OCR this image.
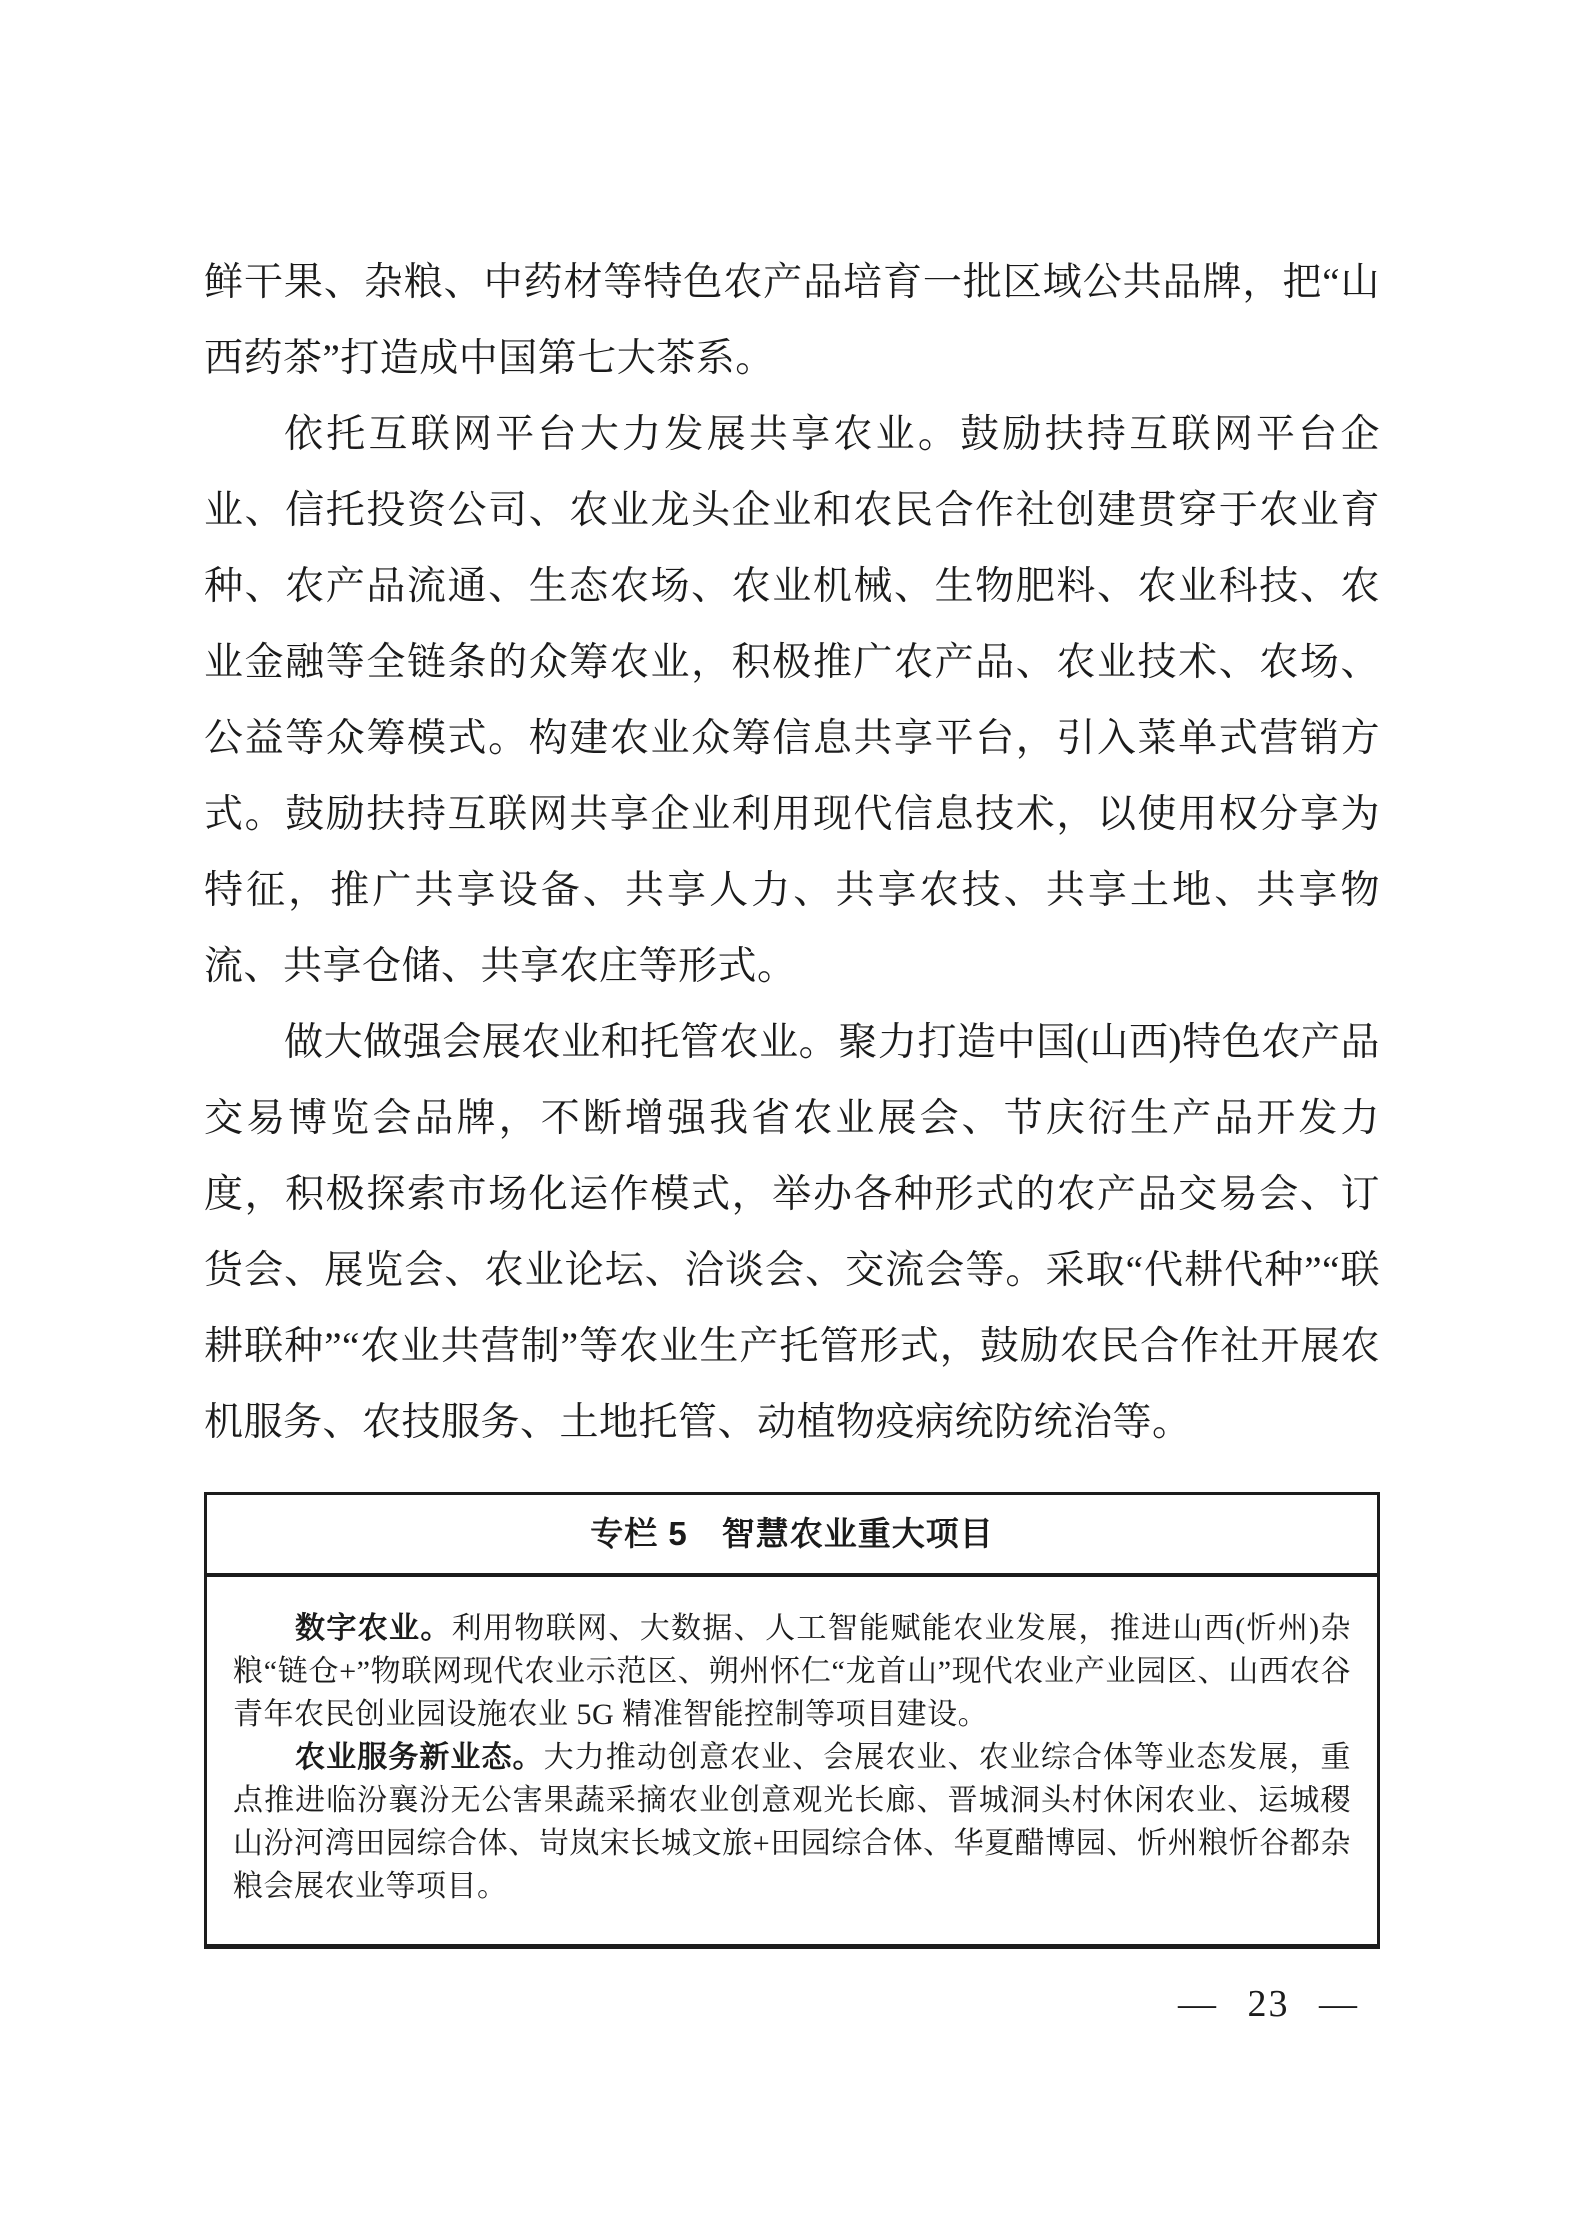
鲜干果、杂粮、中药材等特色农产品培育一批区域公共品牌，把“山西药茶”打造成中国第七大茶系。

依托互联网平台大力发展共享农业。鼓励扶持互联网平台企业、信托投资公司、农业龙头企业和农民合作社创建贯穿于农业育种、农产品流通、生态农场、农业机械、生物肥料、农业科技、农业金融等全链条的众筹农业，积极推广农产品、农业技术、农场、公益等众筹模式。构建农业众筹信息共享平台，引入菜单式营销方式。鼓励扶持互联网共享企业利用现代信息技术，以使用权分享为特征，推广共享设备、共享人力、共享农技、共享土地、共享物流、共享仓储、共享农庄等形式。

做大做强会展农业和托管农业。聚力打造中国(山西)特色农产品交易博览会品牌，不断增强我省农业展会、节庆衍生产品开发力度，积极探索市场化运作模式，举办各种形式的农产品交易会、订货会、展览会、农业论坛、洽谈会、交流会等。采取“代耕代种”“联耕联种”“农业共营制”等农业生产托管形式，鼓励农民合作社开展农机服务、农技服务、土地托管、动植物疫病统防统治等。

专栏 5　智慧农业重大项目

数字农业。利用物联网、大数据、人工智能赋能农业发展，推进山西(忻州)杂粮“链仓+”物联网现代农业示范区、朔州怀仁“龙首山”现代农业产业园区、山西农谷青年农民创业园设施农业 5G 精准智能控制等项目建设。

农业服务新业态。大力推动创意农业、会展农业、农业综合体等业态发展，重点推进临汾襄汾无公害果蔬采摘农业创意观光长廊、晋城洞头村休闲农业、运城稷山汾河湾田园综合体、岢岚宋长城文旅+田园综合体、华夏醋博园、忻州粮忻谷都杂粮会展农业等项目。

— 23 —
